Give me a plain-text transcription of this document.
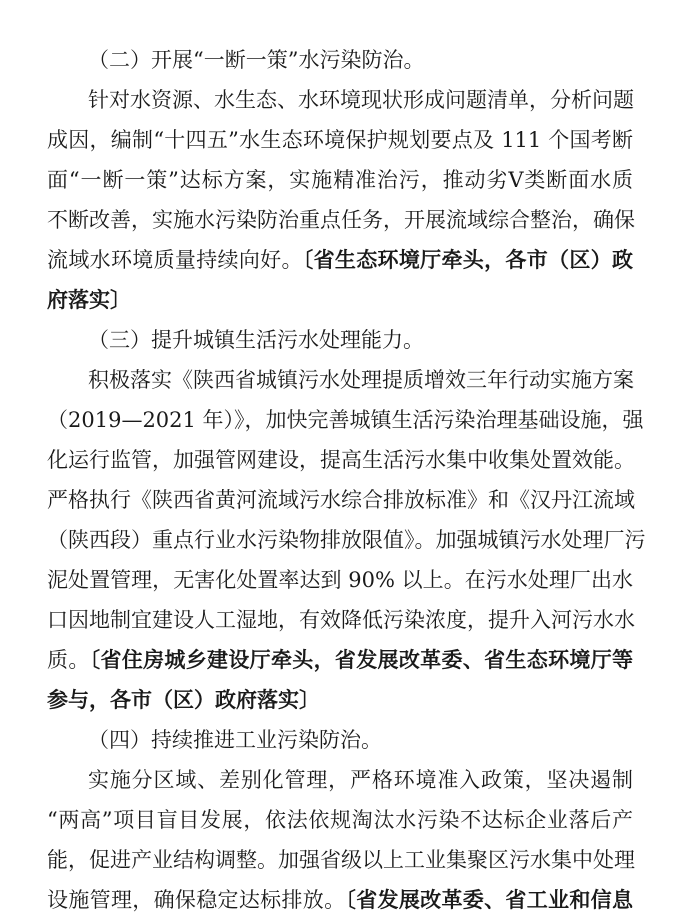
（二）开展“一断一策”水污染防治。
针对水资源、水生态、水环境现状形成问题清单，分析问题
成因，编制“十四五”水生态环境保护规划要点及 111 个国考断
面“一断一策”达标方案，实施精准治污，推动劣Ⅴ类断面水质
不断改善，实施水污染防治重点任务，开展流域综合整治，确保
流域水环境质量持续向好。〔省生态环境厅牵头，各市（区）政
府落实〕
（三）提升城镇生活污水处理能力。
积极落实《陕西省城镇污水处理提质增效三年行动实施方案
（2019—2021 年）》，加快完善城镇生活污染治理基础设施，强
化运行监管，加强管网建设，提高生活污水集中收集处置效能。
严格执行《陕西省黄河流域污水综合排放标准》和《汉丹江流域
（陕西段）重点行业水污染物排放限值》。加强城镇污水处理厂污
泥处置管理，无害化处置率达到 90% 以上。在污水处理厂出水
口因地制宜建设人工湿地，有效降低污染浓度，提升入河污水水
质。〔省住房城乡建设厅牵头，省发展改革委、省生态环境厅等
参与，各市（区）政府落实〕
（四）持续推进工业污染防治。
实施分区域、差别化管理，严格环境准入政策，坚决遏制
“两高”项目盲目发展，依法依规淘汰水污染不达标企业落后产
能，促进产业结构调整。加强省级以上工业集聚区污水集中处理
设施管理，确保稳定达标排放。〔省发展改革委、省工业和信息
